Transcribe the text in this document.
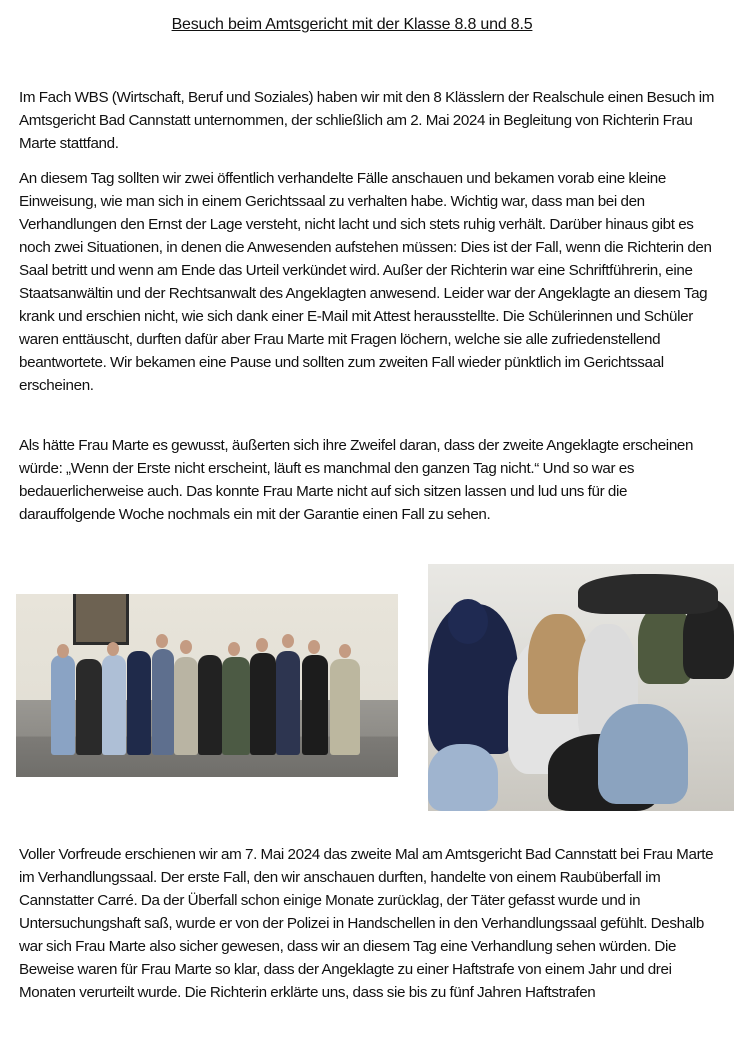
Besuch beim Amtsgericht mit der Klasse 8.8 und 8.5

Im Fach WBS (Wirtschaft, Beruf und Soziales) haben wir mit den 8 Klässlern der Realschule einen Besuch im Amtsgericht Bad Cannstatt unternommen, der schließlich am 2. Mai 2024 in Begleitung von Richterin Frau Marte stattfand.

An diesem Tag sollten wir zwei öffentlich verhandelte Fälle anschauen und bekamen vorab eine kleine Einweisung, wie man sich in einem Gerichtssaal zu verhalten habe. Wichtig war, dass man bei den Verhandlungen den Ernst der Lage versteht, nicht lacht und sich stets ruhig verhält. Darüber hinaus gibt es noch zwei Situationen, in denen die Anwesenden aufstehen müssen: Dies ist der Fall, wenn die Richterin den Saal betritt und wenn am Ende das Urteil verkündet wird. Außer der Richterin war eine Schriftführerin, eine Staatsanwältin und der Rechtsanwalt des Angeklagten anwesend. Leider war der Angeklagte an diesem Tag krank und erschien nicht, wie sich dank einer E-Mail mit Attest herausstellte. Die Schülerinnen und Schüler waren enttäuscht, durften dafür aber Frau Marte mit Fragen löchern, welche sie alle zufriedenstellend beantwortete. Wir bekamen eine Pause und sollten zum zweiten Fall wieder pünktlich im Gerichtssaal erscheinen.

Als hätte Frau Marte es gewusst, äußerten sich ihre Zweifel daran, dass der zweite Angeklagte erscheinen würde: „Wenn der Erste nicht erscheint, läuft es manchmal den ganzen Tag nicht.“ Und so war es bedauerlicherweise auch. Das konnte Frau Marte nicht auf sich sitzen lassen und lud uns für die darauffolgende Woche nochmals ein mit der Garantie einen Fall zu sehen.

Voller Vorfreude erschienen wir am 7. Mai 2024 das zweite Mal am Amtsgericht Bad Cannstatt bei Frau Marte im Verhandlungssaal. Der erste Fall, den wir anschauen durften, handelte von einem Raubüberfall im Cannstatter Carré. Da der Überfall schon einige Monate zurücklag, der Täter gefasst wurde und in Untersuchungshaft saß, wurde er von der Polizei in Handschellen in den Verhandlungssaal gefühlt. Deshalb war sich Frau Marte also sicher gewesen, dass wir an diesem Tag eine Verhandlung sehen würden. Die Beweise waren für Frau Marte so klar, dass der Angeklagte zu einer Haftstrafe von einem Jahr und drei Monaten verurteilt wurde. Die Richterin erklärte uns, dass sie bis zu fünf Jahren Haftstrafen
